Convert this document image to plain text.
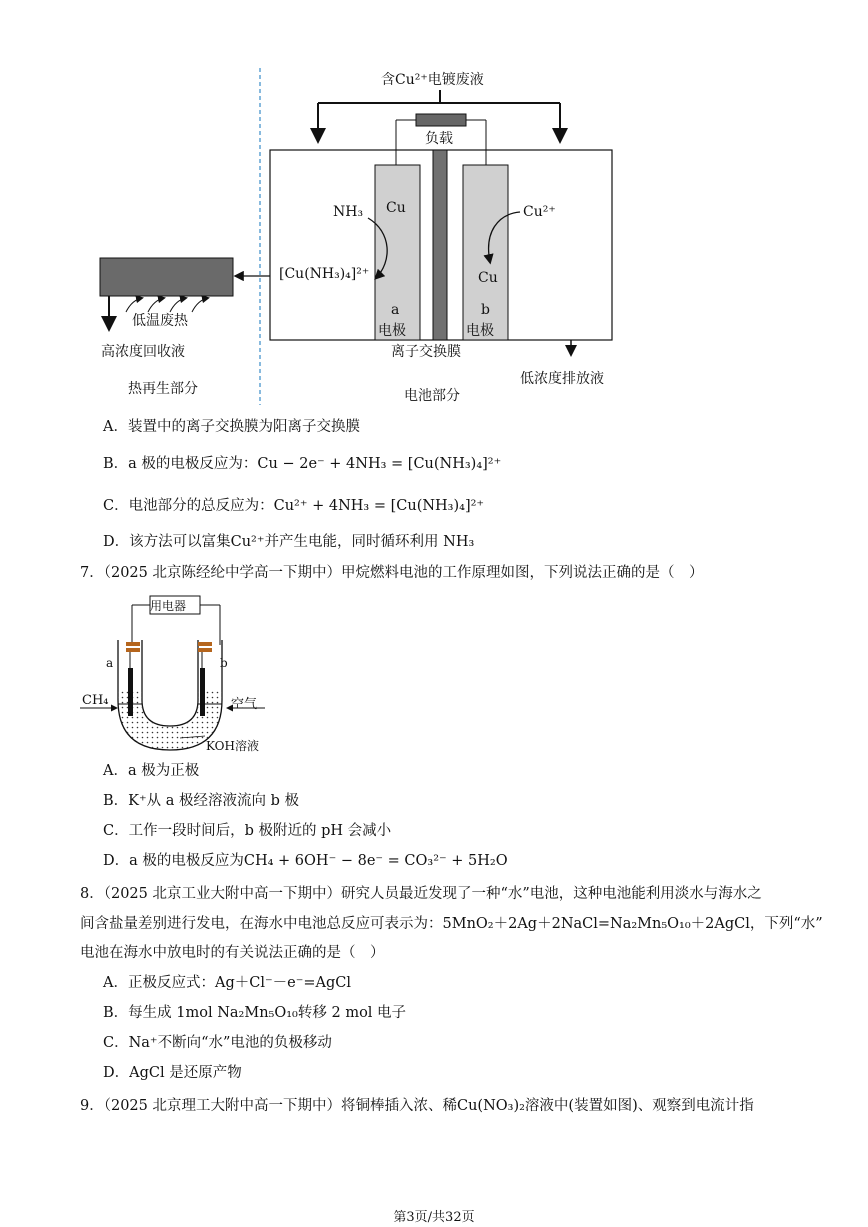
含Cu²⁺电镀废液
负载
Cu
Cu
a
电极
b
电极
NH₃	Cu²⁺
[Cu(NH₃)₄]²⁺
低温废热
高浓度回收液	离子交换膜
低浓度排放液
热再生部分	电池部分
A．装置中的离子交换膜为阳离子交换膜
B．a 极的电极反应为：Cu − 2e⁻ + 4NH₃ = [Cu(NH₃)₄]²⁺
C．电池部分的总反应为：Cu²⁺ + 4NH₃ = [Cu(NH₃)₄]²⁺
D．该方法可以富集Cu²⁺并产生电能，同时循环利用 NH₃
7．（2025 北京陈经纶中学高一下期中）甲烷燃料电池的工作原理如图，下列说法正确的是（　）
用电器
a	b
CH₄	空气
KOH溶液
A．a 极为正极
B．K⁺从 a 极经溶液流向 b 极
C．工作一段时间后，b 极附近的 pH 会减小
D．a 极的电极反应为CH₄ + 6OH⁻ − 8e⁻ = CO₃²⁻ + 5H₂O
8．（2025 北京工业大附中高一下期中）研究人员最近发现了一种“水”电池，这种电池能利用淡水与海水之
间含盐量差别进行发电，在海水中电池总反应可表示为：5MnO₂＋2Ag＋2NaCl=Na₂Mn₅O₁₀＋2AgCl，下列“水”
电池在海水中放电时的有关说法正确的是（　）
A．正极反应式：Ag＋Cl⁻－e⁻=AgCl
B．每生成 1mol Na₂Mn₅O₁₀转移 2 mol 电子
C．Na⁺不断向“水”电池的负极移动
D．AgCl 是还原产物
9．（2025 北京理工大附中高一下期中）将铜棒插入浓、稀Cu(NO₃)₂溶液中(装置如图)、观察到电流计指
第3页/共32页
